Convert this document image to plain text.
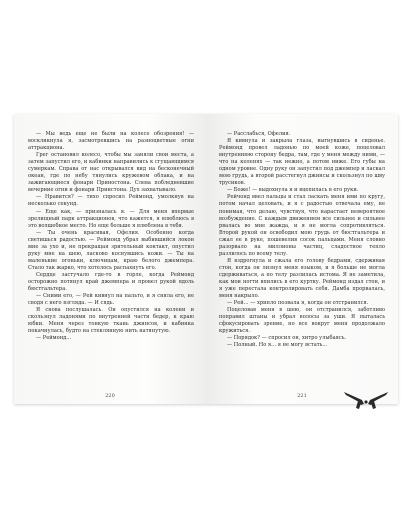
— Мы ведь еще не были на колесе обозрения! — воскликнула я, засмотревшись на разноцветные огни аттракциона.

Грег остановил колесо, чтобы мы заняли свои места, а затем запустил его, и кабинки направились к сгущающимся сумеркам. Справа от нас открывался вид на бесконечный океан, где по небу тянулись кружевом облака, и на зажигающиеся фонари Приностона. Слева побледневшие вечерние огни и фонари Принстона. Дух захватывало.

— Нравится? — тихо спросил Реймонд, умолкнув на несколько секунд.

— Еще как, — призналась я. — Для меня впервые зрелищный парк аттракционов, что кажется, я влюблюсь в это волшебное место. Но еще больше я влюблена в тебя.

— Ты очень красивая, Офелия. Особенно когда светишься радостью. — Реймонд убрал выбившийся локон мне за ухо и, не прекращая зрительный контакт, опустил руку мне на шею, ласково коснувшись кожи. — Ты на маленькие огоньки, ключицам, краю белого джемпера. Стало так жарко, что хотелось распахнуть его.

Сердце застучало где-то в горле, когда Реймонд осторожно потянул край джемпера и провел рукой вдоль бюстгальтера.

— Сними его, — Рей кивнул на пальто, и я сняла его, не сводя с него взгляда. — И сядь.

Я снова послушалась. Он опустился на колени и скользнул ладонями по внутренней части бедер, к краю юбки. Меня через тонкую ткань джинсов, и кабинка покачнулась, будто на стеклянную нить натянутую.

— Реймонд...

220

— Расслабься, Офелия.

Я кивнула и закрыла глаза, выгнувшись в сиденье. Реймонд провел ладонью по моей коже, поцеловал внутреннюю сторону бедра, там, где у меня между ними, — что на коленях — так нежно, а потом ниже. Его губы на одном уровне. Одну руку он запустил под джемпер и ласкал мою грудь, а второй расстегнул джинсы и скользнул по шву трусиков.

— Боже! — выдохнула я и вцепилась в его руки.

Рейчонд ввел пальцы и стал ласкать меня ими по кругу, потом начал целовать, и я с радостью отвечала ему, не понимая, что делаю, чувствуя, что нарастает невероятное возбуждение. С каждым движением все сильнее и сильнее рвалась во мне жажда, и я не могла сопротивляться. Второй рукой он освободил мою грудь от бюстгальтера и сжал ее в руке, пошевелив сосок пальцами. Меня словно разорвало на миллионы частиц, сладостное тепло разлилось по всему телу.

Я вздрогнула и сжала его голову бедрами, сдерживая стон, когда он лизнул меня языком, и я больше не могла сдерживаться, а по телу разлилась истома. Я не заметила, как мои ногти впились в его куртку. Реймонд издал стон, и я уже перестала контролировать себя. Дамба прорвалась, меня накрыло.

— Рей... — хрипло позвала я, когда он отстранился.

Поцеловав меня в шею, он отстранился, заботливо поправил штаны и убрал волосы за уши. Я пыталась сфокусировать зрение, но все вокруг меня продолжало кружиться.

— Порядок? — спросил он, хитро улыбаясь.

— Полный. Но я... я не могу встать...

221
